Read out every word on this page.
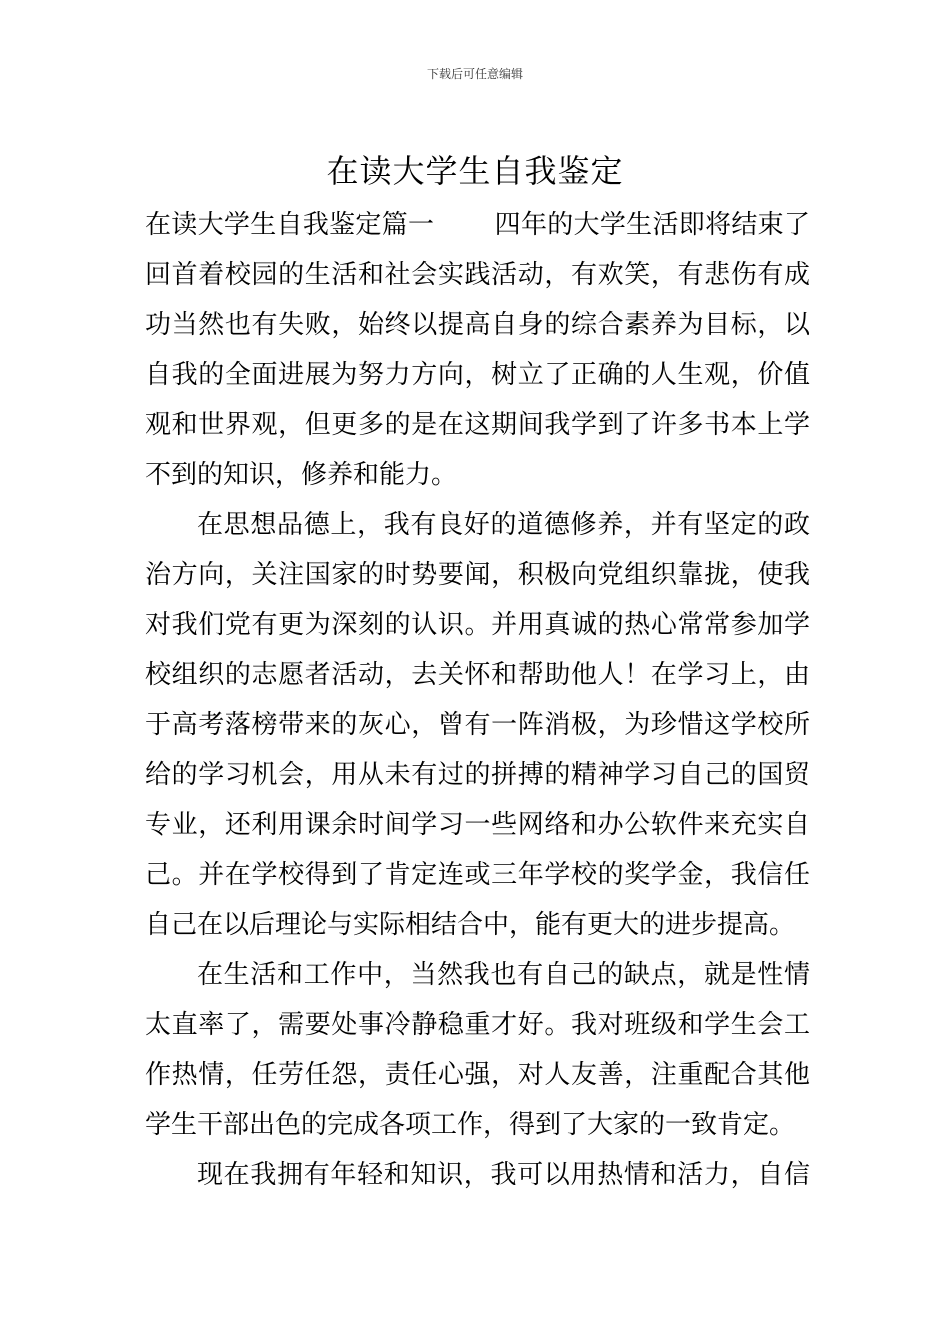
下载后可任意编辑
在读大学生自我鉴定
在读大学生自我鉴定篇一 四年的大学生活即将结束了
回首着校园的生活和社会实践活动，有欢笑，有悲伤有成
功当然也有失败，始终以提高自身的综合素养为目标，以
自我的全面进展为努力方向，树立了正确的人生观，价值
观和世界观，但更多的是在这期间我学到了许多书本上学
不到的知识，修养和能力。
在思想品德上，我有良好的道德修养，并有坚定的政
治方向，关注国家的时势要闻，积极向党组织靠拢，使我
对我们党有更为深刻的认识。并用真诚的热心常常参加学
校组织的志愿者活动，去关怀和帮助他人！在学习上，由
于高考落榜带来的灰心，曾有一阵消极，为珍惜这学校所
给的学习机会，用从未有过的拼搏的精神学习自己的国贸
专业，还利用课余时间学习一些网络和办公软件来充实自
己。并在学校得到了肯定连或三年学校的奖学金，我信任
自己在以后理论与实际相结合中，能有更大的进步提高。
在生活和工作中，当然我也有自己的缺点，就是性情
太直率了，需要处事冷静稳重才好。我对班级和学生会工
作热情，任劳任怨，责任心强，对人友善，注重配合其他
学生干部出色的完成各项工作，得到了大家的一致肯定。
现在我拥有年轻和知识，我可以用热情和活力，自信
